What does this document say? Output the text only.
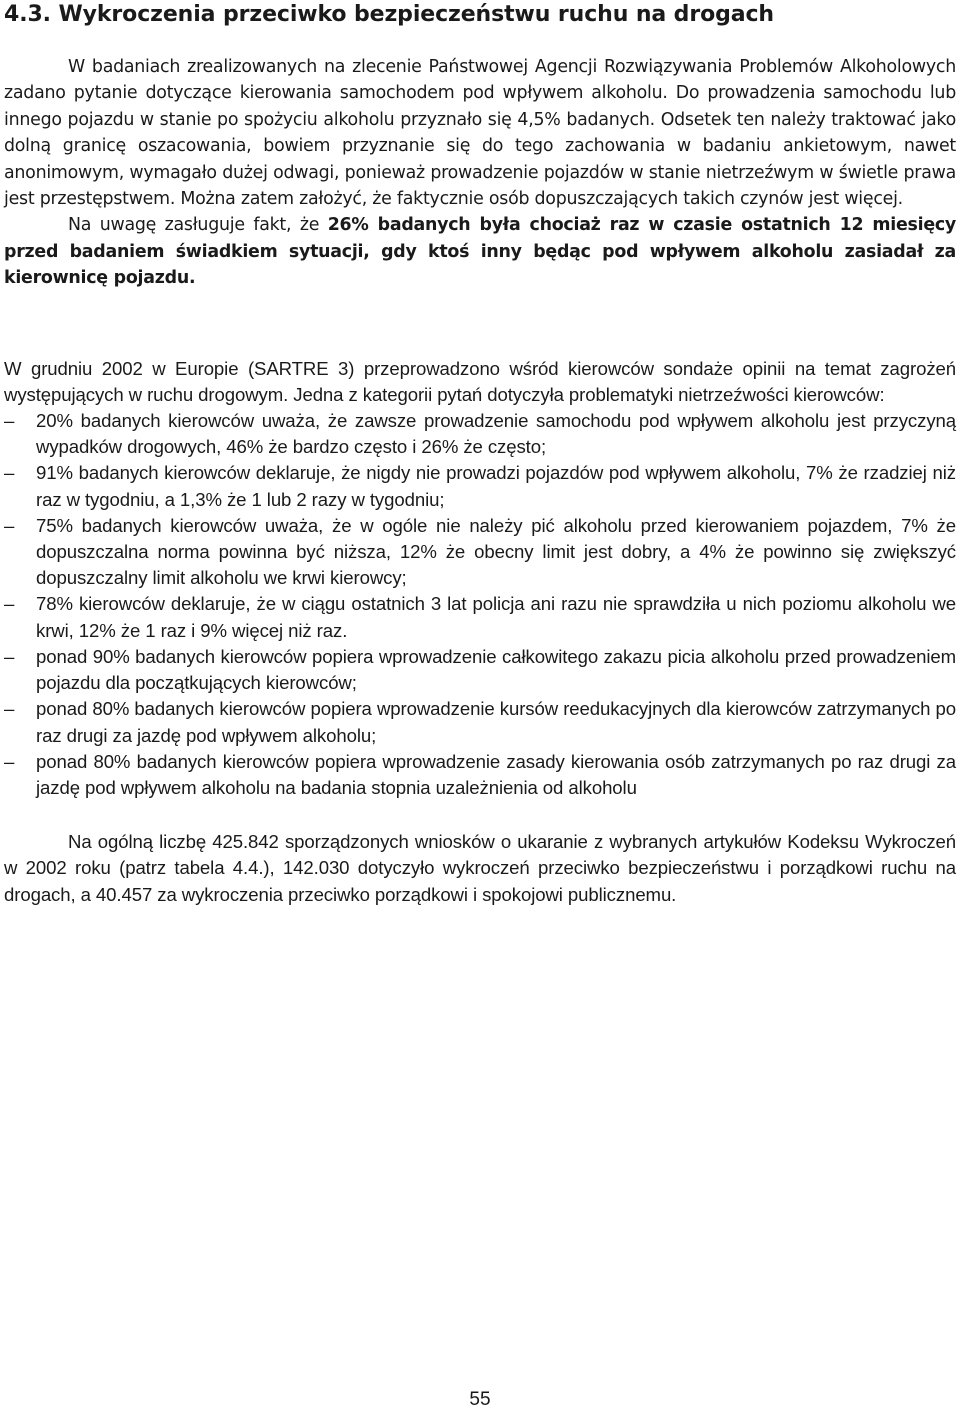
4.3. Wykroczenia przeciwko bezpieczeństwu ruchu na drogach

W badaniach zrealizowanych na zlecenie Państwowej Agencji Rozwiązywania Problemów Alkoholowych zadano pytanie dotyczące kierowania samochodem pod wpływem alkoholu. Do prowadzenia samochodu lub innego pojazdu w stanie po spożyciu alkoholu przyznało się 4,5% badanych. Odsetek ten należy traktować jako dolną granicę oszacowania, bowiem przyznanie się do tego zachowania w badaniu ankietowym, nawet anonimowym, wymagało dużej odwagi, ponieważ prowadzenie pojazdów w stanie nietrzeźwym w świetle prawa jest przestępstwem. Można zatem założyć, że faktycznie osób dopuszczających takich czynów jest więcej.

Na uwagę zasługuje fakt, że 26% badanych była chociaż raz w czasie ostatnich 12 miesięcy przed badaniem świadkiem sytuacji, gdy ktoś inny będąc pod wpływem alkoholu zasiadał za kierownicę pojazdu.

W grudniu 2002 w Europie (SARTRE 3) przeprowadzono wśród kierowców sondaże opinii na temat zagrożeń występujących w ruchu drogowym. Jedna z kategorii pytań dotyczyła problematyki nietrzeźwości kierowców:

–	20% badanych kierowców uważa, że zawsze prowadzenie samochodu pod wpływem alkoholu jest przyczyną wypadków drogowych, 46% że bardzo często i 26% że często;
–	91% badanych kierowców deklaruje, że nigdy nie prowadzi pojazdów pod wpływem alkoholu, 7% że rzadziej niż raz w tygodniu, a 1,3% że 1 lub 2 razy w tygodniu;
–	75% badanych kierowców uważa, że w ogóle nie należy pić alkoholu przed kierowaniem pojazdem, 7% że dopuszczalna norma powinna być niższa, 12% że obecny limit jest dobry, a 4% że powinno się zwiększyć dopuszczalny limit alkoholu we krwi kierowcy;
–	78% kierowców deklaruje, że w ciągu ostatnich 3 lat policja ani razu nie sprawdziła u nich poziomu alkoholu we krwi, 12% że 1 raz i 9% więcej niż raz.
–	ponad 90% badanych kierowców popiera wprowadzenie całkowitego zakazu picia alkoholu przed prowadzeniem pojazdu dla początkujących kierowców;
–	ponad 80% badanych kierowców popiera wprowadzenie kursów reedukacyjnych dla kierowców zatrzymanych po raz drugi za jazdę pod wpływem alkoholu;
–	ponad 80% badanych kierowców popiera wprowadzenie zasady kierowania osób zatrzymanych po raz drugi za jazdę pod wpływem alkoholu na badania stopnia uzależnienia od alkoholu

Na ogólną liczbę 425.842 sporządzonych wniosków o ukaranie z wybranych artykułów Kodeksu Wykroczeń w 2002 roku (patrz tabela 4.4.), 142.030 dotyczyło wykroczeń przeciwko bezpieczeństwu i porządkowi ruchu na drogach, a 40.457 za wykroczenia przeciwko porządkowi i spokojowi publicznemu.

55
